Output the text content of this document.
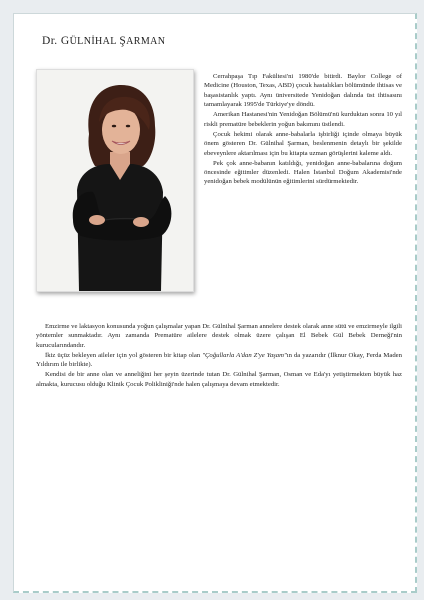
Dr. GÜLNİHAL ŞARMAN

Cerrahpaşa Tıp Fakültesi'ni 1980'de bitirdi. Baylor College of Medicine (Houston, Texas, ABD) çocuk hastalıkları bölümünde ihtisas ve başasistanlık yaptı. Aynı üniversitede Yenidoğan dalında üst ihtisasını tamamlayarak 1995'de Türkiye'ye döndü.

Amerikan Hastanesi'nin Yenidoğan Bölümü'nü kurduktan sonra 10 yıl riskli prematüre bebeklerin yoğun bakımını üstlendi.

Çocuk hekimi olarak anne-babalarla işbirliği içinde olmaya büyük önem gösteren Dr. Gülnihal Şarman, beslenmenin detaylı bir şekilde ebeveynlere aktarılması için bu kitapta uzman görüşlerini kaleme aldı.

Pek çok anne-babanın katıldığı, yenidoğan anne-babalarına doğum öncesinde eğitimler düzenledi. Halen İstanbul Doğum Akademisi'nde yenidoğan bebek modülünün eğitimlerini sürdürmektedir.

Emzirme ve laktasyon konusunda yoğun çalışmalar yapan Dr. Gülnihal Şarman annelere destek olarak anne sütü ve emzirmeyle ilgili yöntemler sunmaktadır. Aynı zamanda Prematüre ailelere destek olmak üzere çalışan El Bebek Gül Bebek Derneği'nin kurucularındandır.

İkiz üçüz bekleyen aileler için yol gösteren bir kitap olan "Çoğullarla A'dan Z'ye Yaşam"ın da yazarıdır (İlknur Okay, Ferda Maden Yıldırım ile birlikte).

Kendisi de bir anne olan ve anneliğini her şeyin üzerinde tutan Dr. Gülnihal Şarman, Osman ve Eda'yı yetiştirmekten büyük haz almakta, kurucusu olduğu Klinik Çocuk Polikliniği'nde halen çalışmaya devam etmektedir.
